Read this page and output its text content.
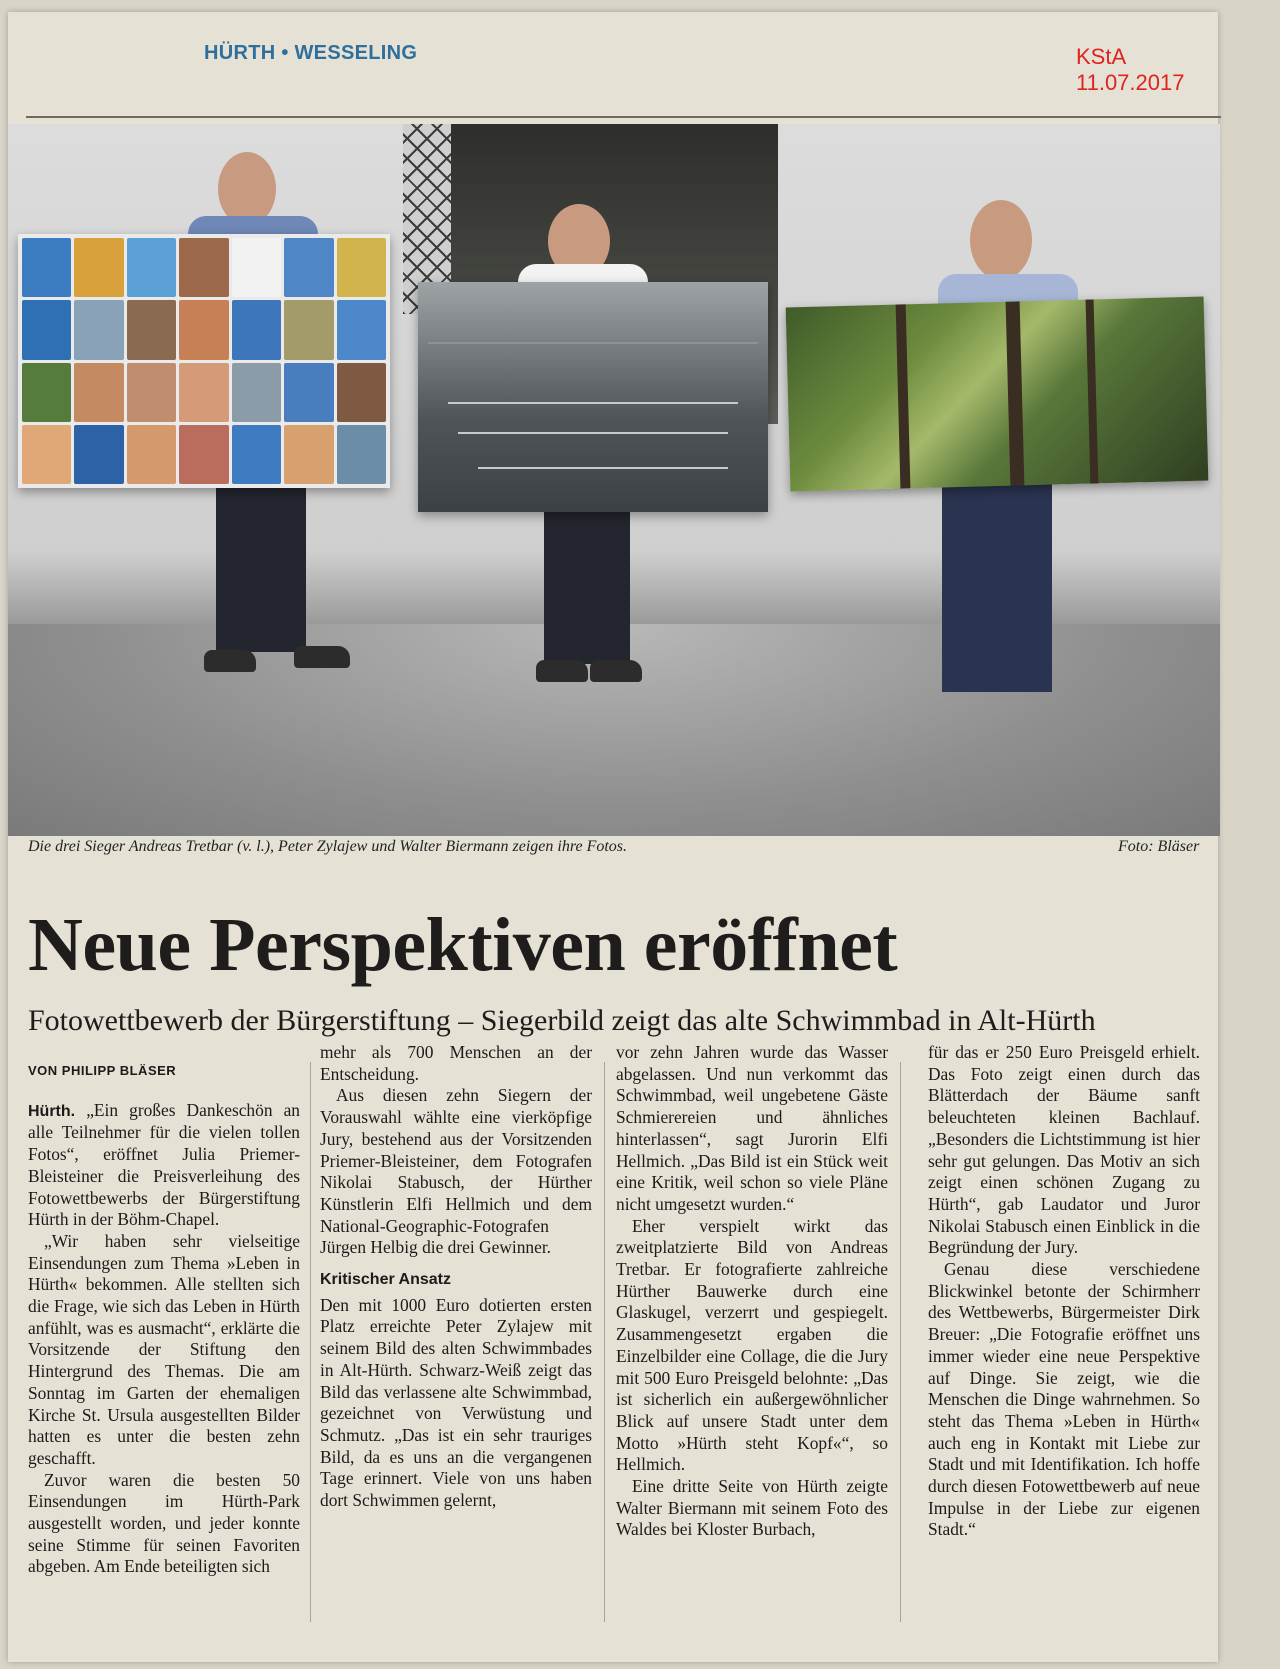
HÜRTH • WESSELING	KStA 11.07.2017
Die drei Sieger Andreas Tretbar (v. l.), Peter Zylajew und Walter Biermann zeigen ihre Fotos.	Foto: Bläser
Neue Perspektiven eröffnet
Fotowettbewerb der Bürgerstiftung – Siegerbild zeigt das alte Schwimmbad in Alt-Hürth
VON PHILIPP BLÄSER

Hürth. „Ein großes Dankeschön an alle Teilnehmer für die vielen tollen Fotos“, eröffnet Julia Priemer-Bleisteiner die Preisverleihung des Fotowettbewerbs der Bürgerstiftung Hürth in der Böhm-Chapel.

„Wir haben sehr vielseitige Einsendungen zum Thema »Leben in Hürth« bekommen. Alle stellten sich die Frage, wie sich das Leben in Hürth anfühlt, was es ausmacht“, erklärte die Vorsitzende der Stiftung den Hintergrund des Themas. Die am Sonntag im Garten der ehemaligen Kirche St. Ursula ausgestellten Bilder hatten es unter die besten zehn geschafft.

Zuvor waren die besten 50 Einsendungen im Hürth-Park ausgestellt worden, und jeder konnte seine Stimme für seinen Favoriten abgeben. Am Ende beteiligten sich

mehr als 700 Menschen an der Entscheidung.

Aus diesen zehn Siegern der Vorauswahl wählte eine vierköpfige Jury, bestehend aus der Vorsitzenden Priemer-Bleisteiner, dem Fotografen Nikolai Stabusch, der Hürther Künstlerin Elfi Hellmich und dem National-Geographic-Fotografen Jürgen Helbig die drei Gewinner.

Kritischer Ansatz

Den mit 1000 Euro dotierten ersten Platz erreichte Peter Zylajew mit seinem Bild des alten Schwimmbades in Alt-Hürth. Schwarz-Weiß zeigt das Bild das verlassene alte Schwimmbad, gezeichnet von Verwüstung und Schmutz. „Das ist ein sehr trauriges Bild, da es uns an die vergangenen Tage erinnert. Viele von uns haben dort Schwimmen gelernt,

vor zehn Jahren wurde das Wasser abgelassen. Und nun verkommt das Schwimmbad, weil ungebetene Gäste Schmierereien und ähnliches hinterlassen“, sagt Jurorin Elfi Hellmich. „Das Bild ist ein Stück weit eine Kritik, weil schon so viele Pläne nicht umgesetzt wurden.“

Eher verspielt wirkt das zweitplatzierte Bild von Andreas Tretbar. Er fotografierte zahlreiche Hürther Bauwerke durch eine Glaskugel, verzerrt und gespiegelt. Zusammengesetzt ergaben die Einzelbilder eine Collage, die die Jury mit 500 Euro Preisgeld belohnte: „Das ist sicherlich ein außergewöhnlicher Blick auf unsere Stadt unter dem Motto »Hürth steht Kopf«“, so Hellmich.

Eine dritte Seite von Hürth zeigte Walter Biermann mit seinem Foto des Waldes bei Kloster Burbach,

für das er 250 Euro Preisgeld erhielt. Das Foto zeigt einen durch das Blätterdach der Bäume sanft beleuchteten kleinen Bachlauf. „Besonders die Lichtstimmung ist hier sehr gut gelungen. Das Motiv an sich zeigt einen schönen Zugang zu Hürth“, gab Laudator und Juror Nikolai Stabusch einen Einblick in die Begründung der Jury.

Genau diese verschiedene Blickwinkel betonte der Schirmherr des Wettbewerbs, Bürgermeister Dirk Breuer: „Die Fotografie eröffnet uns immer wieder eine neue Perspektive auf Dinge. Sie zeigt, wie die Menschen die Dinge wahrnehmen. So steht das Thema »Leben in Hürth« auch eng in Kontakt mit Liebe zur Stadt und mit Identifikation. Ich hoffe durch diesen Fotowettbewerb auf neue Impulse in der Liebe zur eigenen Stadt.“
